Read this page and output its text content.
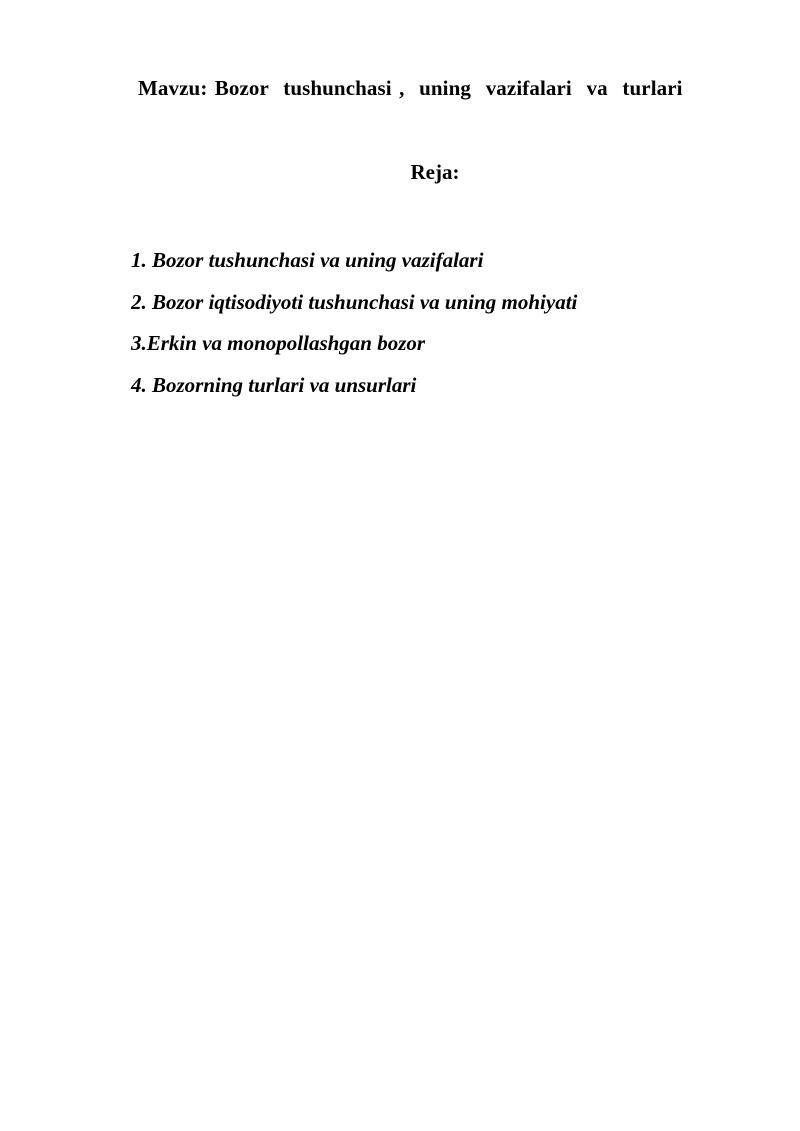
Mavzu: Bozor  tushunchasi ,  uning  vazifalari  va  turlari
Reja:
1. Bozor tushunchasi va uning vazifalari
2. Bozor iqtisodiyoti tushunchasi va uning mohiyati
3.Erkin va monopollashgan bozor
4. Bozorning turlari va unsurlari
